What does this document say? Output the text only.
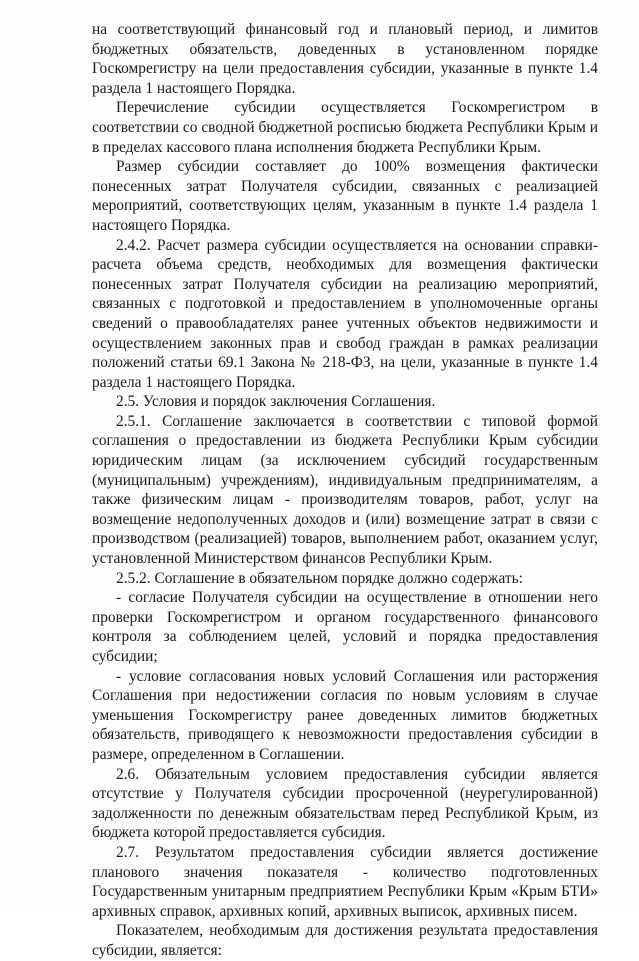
на соответствующий финансовый год и плановый период, и лимитов бюджетных обязательств, доведенных в установленном порядке Госкомрегистру на цели предоставления субсидии, указанные в пункте 1.4 раздела 1 настоящего Порядка.

Перечисление субсидии осуществляется Госкомрегистром в соответствии со сводной бюджетной росписью бюджета Республики Крым и в пределах кассового плана исполнения бюджета Республики Крым.

Размер субсидии составляет до 100% возмещения фактически понесенных затрат Получателя субсидии, связанных с реализацией мероприятий, соответствующих целям, указанным в пункте 1.4 раздела 1 настоящего Порядка.

2.4.2. Расчет размера субсидии осуществляется на основании справки-расчета объема средств, необходимых для возмещения фактически понесенных затрат Получателя субсидии на реализацию мероприятий, связанных с подготовкой и предоставлением в уполномоченные органы сведений о правообладателях ранее учтенных объектов недвижимости и осуществлением законных прав и свобод граждан в рамках реализации положений статьи 69.1 Закона № 218-ФЗ, на цели, указанные в пункте 1.4 раздела 1 настоящего Порядка.

2.5. Условия и порядок заключения Соглашения.

2.5.1. Соглашение заключается в соответствии с типовой формой соглашения о предоставлении из бюджета Республики Крым субсидии юридическим лицам (за исключением субсидий государственным (муниципальным) учреждениям), индивидуальным предпринимателям, а также физическим лицам - производителям товаров, работ, услуг на возмещение недополученных доходов и (или) возмещение затрат в связи с производством (реализацией) товаров, выполнением работ, оказанием услуг, установленной Министерством финансов Республики Крым.

2.5.2. Соглашение в обязательном порядке должно содержать:

- согласие Получателя субсидии на осуществление в отношении него проверки Госкомрегистром и органом государственного финансового контроля за соблюдением целей, условий и порядка предоставления субсидии;

- условие согласования новых условий Соглашения или расторжения Соглашения при недостижении согласия по новым условиям в случае уменьшения Госкомрегистру ранее доведенных лимитов бюджетных обязательств, приводящего к невозможности предоставления субсидии в размере, определенном в Соглашении.

2.6. Обязательным условием предоставления субсидии является отсутствие у Получателя субсидии просроченной (неурегулированной) задолженности по денежным обязательствам перед Республикой Крым, из бюджета которой предоставляется субсидия.

2.7. Результатом предоставления субсидии является достижение планового значения показателя - количество подготовленных Государственным унитарным предприятием Республики Крым «Крым БТИ» архивных справок, архивных копий, архивных выписок, архивных писем.

Показателем, необходимым для достижения результата предоставления субсидии, является:
